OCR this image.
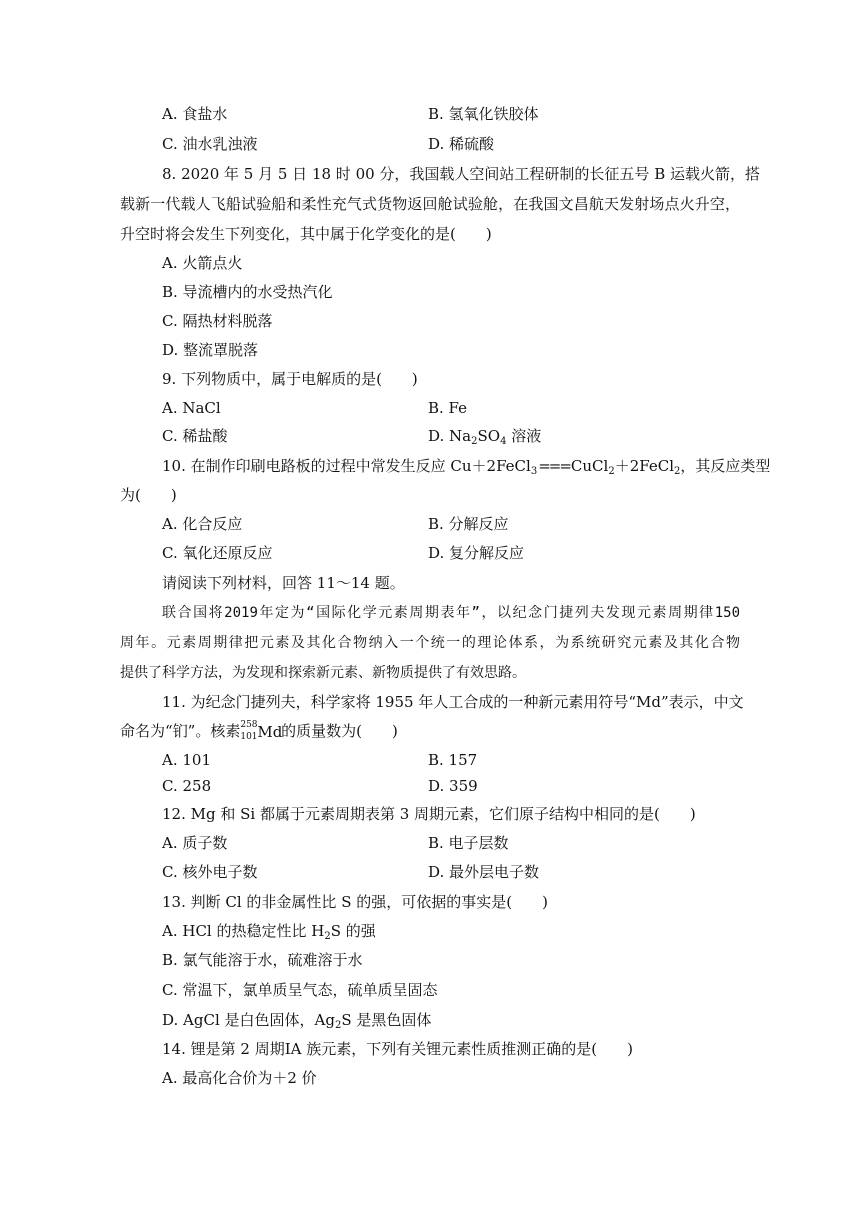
A. 食盐水	B. 氢氧化铁胶体
C. 油水乳浊液	D. 稀硫酸
8. 2020 年 5 月 5 日 18 时 00 分，我国载人空间站工程研制的长征五号 B 运载火箭，搭
载新一代载人飞船试验船和柔性充气式货物返回舱试验舱，在我国文昌航天发射场点火升空，
升空时将会发生下列变化，其中属于化学变化的是(　　)
A. 火箭点火
B. 导流槽内的水受热汽化
C. 隔热材料脱落
D. 整流罩脱落
9. 下列物质中，属于电解质的是(　　)
A. NaCl	B. Fe
C. 稀盐酸	D. $Na_2SO_4$ 溶液
10. 在制作印刷电路板的过程中常发生反应 Cu＋2FeCl$_3$===CuCl$_2$＋2FeCl$_2$，其反应类型
为(　　)
A. 化合反应	B. 分解反应
C. 氧化还原反应	D. 复分解反应
请阅读下列材料，回答 11～14 题。
联合国将2019年定为“国际化学元素周期表年”，以纪念门捷列夫发现元素周期律150
周年。元素周期律把元素及其化合物纳入一个统一的理论体系，为系统研究元素及其化合物
提供了科学方法，为发现和探索新元素、新物质提供了有效思路。
11. 为纪念门捷列夫，科学家将 1955 年人工合成的一种新元素用符号“Md”表示，中文
命名为“钔”。核素 258
101 Md
的质量数为(　　)
A. 101	B. 157
C. 258	D. 359
12. Mg 和 Si 都属于元素周期表第 3 周期元素，它们原子结构中相同的是(　　)
A. 质子数	B. 电子层数
C. 核外电子数	D. 最外层电子数
13. 判断 Cl 的非金属性比 S 的强，可依据的事实是(　　)
A. HCl 的热稳定性比 $H_2S$ 的强
B. 氯气能溶于水，硫难溶于水
C. 常温下，氯单质呈气态，硫单质呈固态
D. AgCl 是白色固体，$Ag_2S$ 是黑色固体
14. 锂是第 2 周期ⅠA 族元素，下列有关锂元素性质推测正确的是(　　)
A. 最高化合价为＋2 价
